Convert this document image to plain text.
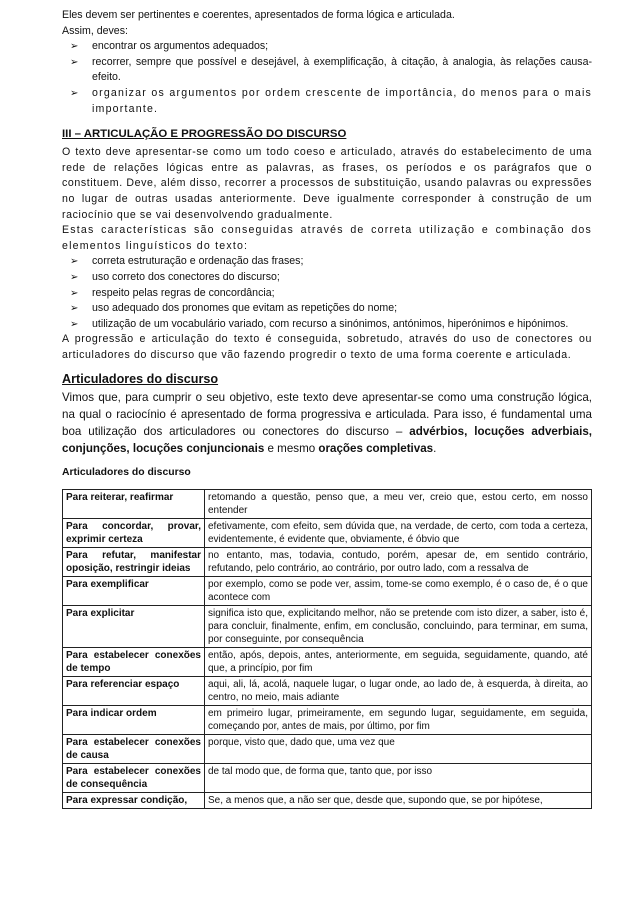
Eles devem ser pertinentes e coerentes, apresentados de forma lógica e articulada.

Assim, deves:

➢ encontrar os argumentos adequados;
➢ recorrer, sempre que possível e desejável, à exemplificação, à citação, à analogia, às relações causa-efeito.
➢ organizar os argumentos por ordem crescente de importância, do menos para o mais importante.
III – ARTICULAÇÃO E PROGRESSÃO DO DISCURSO

O texto deve apresentar-se como um todo coeso e articulado, através do estabelecimento de uma rede de relações lógicas entre as palavras, as frases, os períodos e os parágrafos que o constituem. Deve, além disso, recorrer a processos de substituição, usando palavras ou expressões no lugar de outras usadas anteriormente. Deve igualmente corresponder à construção de um raciocínio que se vai desenvolvendo gradualmente.

Estas características são conseguidas através de correta utilização e combinação dos elementos linguísticos do texto:

➢ correta estruturação e ordenação das frases;
➢ uso correto dos conectores do discurso;
➢ respeito pelas regras de concordância;
➢ uso adequado dos pronomes que evitam as repetições do nome;
➢ utilização de um vocabulário variado, com recurso a sinónimos, antónimos, hiperónimos e hipónimos.

A progressão e articulação do texto é conseguida, sobretudo, através do uso de conectores ou articuladores do discurso que vão fazendo progredir o texto de uma forma coerente e articulada.

Articuladores do discurso

Vimos que, para cumprir o seu objetivo, este texto deve apresentar-se como uma construção lógica, na qual o raciocínio é apresentado de forma progressiva e articulada. Para isso, é fundamental uma boa utilização dos articuladores ou conectores do discurso – advérbios, locuções adverbiais, conjunções, locuções conjuncionais e mesmo orações completivas.

Articuladores do discurso

Para reiterar, reafirmar	retomando a questão, penso que, a meu ver, creio que, estou certo, em nosso entender
Para concordar, provar, exprimir certeza	efetivamente, com efeito, sem dúvida que, na verdade, de certo, com toda a certeza, evidentemente, é evidente que, obviamente, é óbvio que
Para refutar, manifestar oposição, restringir ideias	no entanto, mas, todavia, contudo, porém, apesar de, em sentido contrário, refutando, pelo contrário, ao contrário, por outro lado, com a ressalva de
Para exemplificar	por exemplo, como se pode ver, assim, tome-se como exemplo, é o caso de, é o que acontece com
Para explicitar	significa isto que, explicitando melhor, não se pretende com isto dizer, a saber, isto é, para concluir, finalmente, enfim, em conclusão, concluindo, para terminar, em suma, por conseguinte, por consequência
Para estabelecer conexões de tempo	então, após, depois, antes, anteriormente, em seguida, seguidamente, quando, até que, a princípio, por fim
Para referenciar espaço	aqui, ali, lá, acolá, naquele lugar, o lugar onde, ao lado de, à esquerda, à direita, ao centro, no meio, mais adiante
Para indicar ordem	em primeiro lugar, primeiramente, em segundo lugar, seguidamente, em seguida, começando por, antes de mais, por último, por fim
Para estabelecer conexões de causa	porque, visto que, dado que, uma vez que
Para estabelecer conexões de consequência	de tal modo que, de forma que, tanto que, por isso
Para expressar condição,	Se, a menos que, a não ser que, desde que, supondo que, se por hipótese,
